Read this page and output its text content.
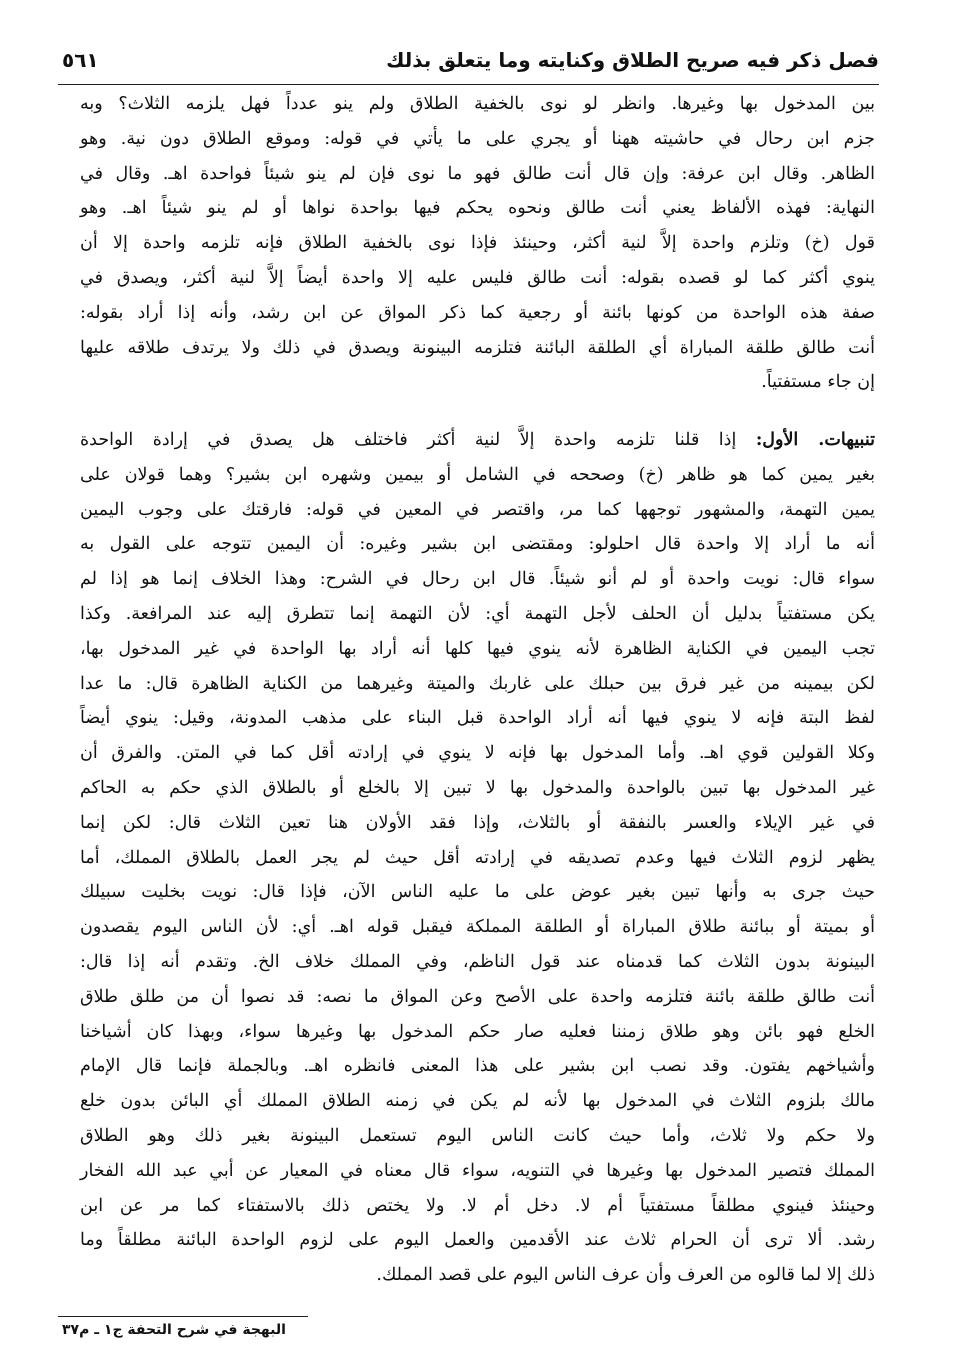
فصل ذكر فيه صريح الطلاق وكنايته وما يتعلق بذلك
٥٦١
بين المدخول بها وغيرها. وانظر لو نوى بالخفية الطلاق ولم ينو عدداً فهل يلزمه الثلاث؟ وبه
جزم ابن رحال في حاشيته ههنا أو يجري على ما يأتي في قوله: وموقع الطلاق دون نية. وهو
الظاهر. وقال ابن عرفة: وإن قال أنت طالق فهو ما نوى فإن لم ينو شيئاً فواحدة اهـ. وقال في
النهاية: فهذه الألفاظ يعني أنت طالق ونحوه يحكم فيها بواحدة نواها أو لم ينو شيئاً اهـ. وهو
قول (خ) وتلزم واحدة إلاَّ لنية أكثر، وحينئذ فإذا نوى بالخفية الطلاق فإنه تلزمه واحدة إلا أن
ينوي أكثر كما لو قصده بقوله: أنت طالق فليس عليه إلا واحدة أيضاً إلاَّ لنية أكثر، ويصدق في
صفة هذه الواحدة من كونها بائنة أو رجعية كما ذكر المواق عن ابن رشد، وأنه إذا أراد بقوله:
أنت طالق طلقة المباراة أي الطلقة البائنة فتلزمه البينونة ويصدق في ذلك ولا يرتدف طلاقه عليها
إن جاء مستفتياً.
تنبيهات. الأول: إذا قلنا تلزمه واحدة إلاَّ لنية أكثر فاختلف هل يصدق في إرادة الواحدة
بغير يمين كما هو ظاهر (خ) وصححه في الشامل أو بيمين وشهره ابن بشير؟ وهما قولان على
يمين التهمة، والمشهور توجهها كما مر، واقتصر في المعين في قوله: فارقتك على وجوب اليمين
أنه ما أراد إلا واحدة قال احلولو: ومقتضى ابن بشير وغيره: أن اليمين تتوجه على القول به
سواء قال: نويت واحدة أو لم أنو شيئاً. قال ابن رحال في الشرح: وهذا الخلاف إنما هو إذا لم
يكن مستفتياً بدليل أن الحلف لأجل التهمة أي: لأن التهمة إنما تتطرق إليه عند المرافعة. وكذا
تجب اليمين في الكناية الظاهرة لأنه ينوي فيها كلها أنه أراد بها الواحدة في غير المدخول بها،
لكن بيمينه من غير فرق بين حبلك على غاربك والميتة وغيرهما من الكناية الظاهرة قال: ما عدا
لفظ البتة فإنه لا ينوي فيها أنه أراد الواحدة قبل البناء على مذهب المدونة، وقيل: ينوي أيضاً
وكلا القولين قوي اهـ. وأما المدخول بها فإنه لا ينوي في إرادته أقل كما في المتن. والفرق أن
غير المدخول بها تبين بالواحدة والمدخول بها لا تبين إلا بالخلع أو بالطلاق الذي حكم به الحاكم
في غير الإيلاء والعسر بالنفقة أو بالثلاث، وإذا فقد الأولان هنا تعين الثلاث قال: لكن إنما
يظهر لزوم الثلاث فيها وعدم تصديقه في إرادته أقل حيث لم يجر العمل بالطلاق المملك، أما
حيث جرى به وأنها تبين بغير عوض على ما عليه الناس الآن، فإذا قال: نويت بخليت سبيلك
أو بميتة أو ببائنة طلاق المباراة أو الطلقة المملكة فيقبل قوله اهـ. أي: لأن الناس اليوم يقصدون
البينونة بدون الثلاث كما قدمناه عند قول الناظم، وفي المملك خلاف الخ. وتقدم أنه إذا قال:
أنت طالق طلقة بائنة فتلزمه واحدة على الأصح وعن المواق ما نصه: قد نصوا أن من طلق طلاق
الخلع فهو بائن وهو طلاق زمننا فعليه صار حكم المدخول بها وغيرها سواء، وبهذا كان أشياخنا
وأشياخهم يفتون. وقد نصب ابن بشير على هذا المعنى فانظره اهـ. وبالجملة فإنما قال الإمام
مالك بلزوم الثلاث في المدخول بها لأنه لم يكن في زمنه الطلاق المملك أي البائن بدون خلع
ولا حكم ولا ثلاث، وأما حيث كانت الناس اليوم تستعمل البينونة بغير ذلك وهو الطلاق
المملك فتصير المدخول بها وغيرها في التنويه، سواء قال معناه في المعيار عن أبي عبد الله الفخار
وحينئذ فينوي مطلقاً مستفتياً أم لا. دخل أم لا. ولا يختص ذلك بالاستفتاء كما مر عن ابن
رشد. ألا ترى أن الحرام ثلاث عند الأقدمين والعمل اليوم على لزوم الواحدة البائنة مطلقاً وما
ذلك إلا لما قالوه من العرف وأن عرف الناس اليوم على قصد المملك.
البهجة في شرح التحفة ج١ ـ م٣٧
